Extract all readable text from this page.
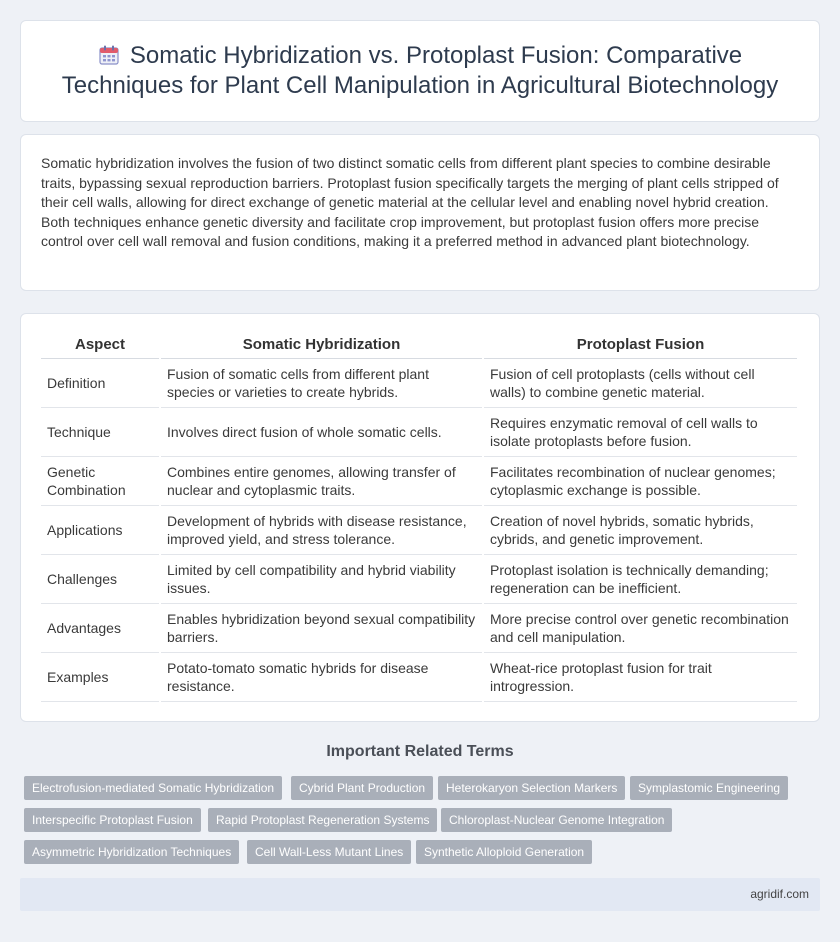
Somatic Hybridization vs. Protoplast Fusion: Comparative Techniques for Plant Cell Manipulation in Agricultural Biotechnology

Somatic hybridization involves the fusion of two distinct somatic cells from different plant species to combine desirable traits, bypassing sexual reproduction barriers. Protoplast fusion specifically targets the merging of plant cells stripped of their cell walls, allowing for direct exchange of genetic material at the cellular level and enabling novel hybrid creation. Both techniques enhance genetic diversity and facilitate crop improvement, but protoplast fusion offers more precise control over cell wall removal and fusion conditions, making it a preferred method in advanced plant biotechnology.

Aspect	Somatic Hybridization	Protoplast Fusion
Definition	Fusion of somatic cells from different plant species or varieties to create hybrids.	Fusion of cell protoplasts (cells without cell walls) to combine genetic material.
Technique	Involves direct fusion of whole somatic cells.	Requires enzymatic removal of cell walls to isolate protoplasts before fusion.
Genetic Combination	Combines entire genomes, allowing transfer of nuclear and cytoplasmic traits.	Facilitates recombination of nuclear genomes; cytoplasmic exchange is possible.
Applications	Development of hybrids with disease resistance, improved yield, and stress tolerance.	Creation of novel hybrids, somatic hybrids, cybrids, and genetic improvement.
Challenges	Limited by cell compatibility and hybrid viability issues.	Protoplast isolation is technically demanding; regeneration can be inefficient.
Advantages	Enables hybridization beyond sexual compatibility barriers.	More precise control over genetic recombination and cell manipulation.
Examples	Potato-tomato somatic hybrids for disease resistance.	Wheat-rice protoplast fusion for trait introgression.
Important Related Terms
Electrofusion-mediated Somatic Hybridization	Cybrid Plant Production	Heterokaryon Selection Markers	Symplastomic Engineering
Interspecific Protoplast Fusion	Rapid Protoplast Regeneration Systems	Chloroplast-Nuclear Genome Integration
Asymmetric Hybridization Techniques	Cell Wall-Less Mutant Lines	Synthetic Alloploid Generation
agridif.com
